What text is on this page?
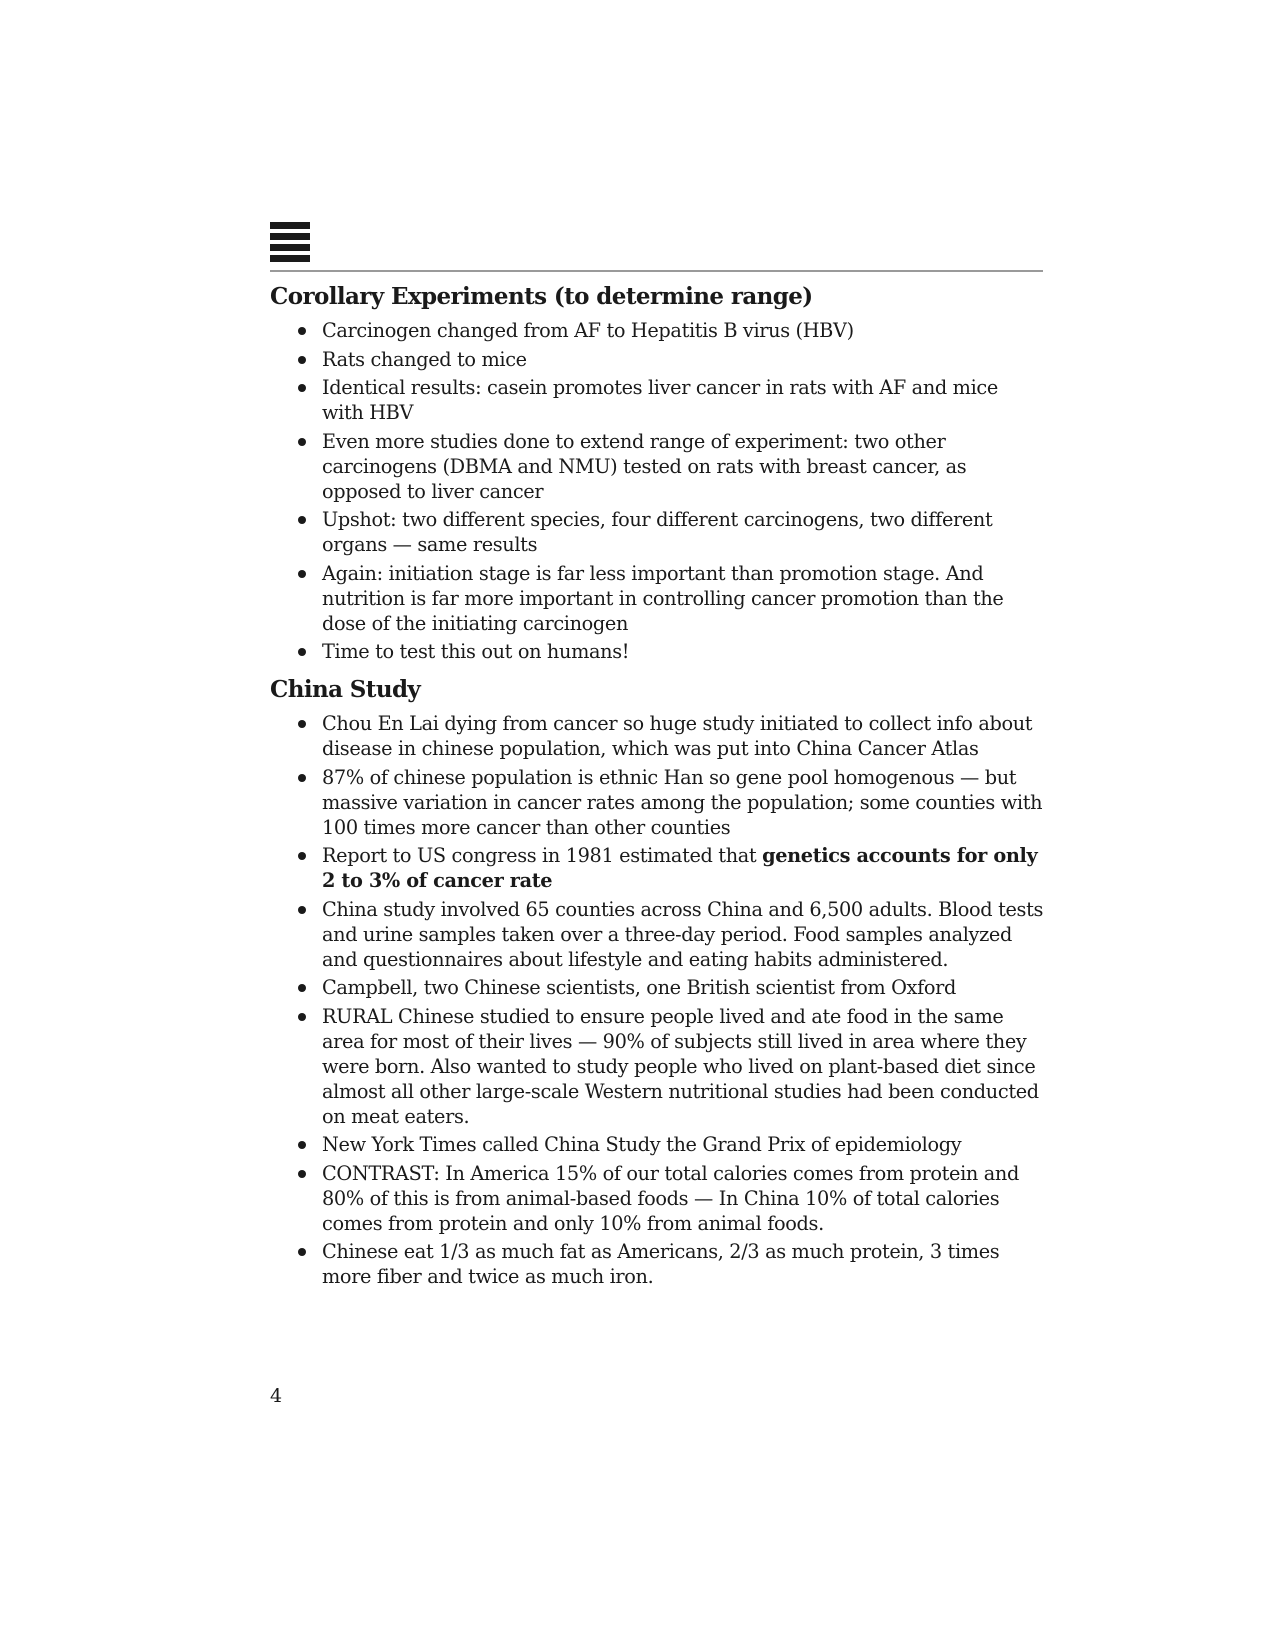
Corollary Experiments (to determine range)
Carcinogen changed from AF to Hepatitis B virus (HBV)
Rats changed to mice
Identical results: casein promotes liver cancer in rats with AF and mice with HBV
Even more studies done to extend range of experiment: two other carcinogens (DBMA and NMU) tested on rats with breast cancer, as opposed to liver cancer
Upshot: two different species, four different carcinogens, two different organs — same results
Again: initiation stage is far less important than promotion stage. And nutrition is far more important in controlling cancer promotion than the dose of the initiating carcinogen
Time to test this out on humans!
China Study
Chou En Lai dying from cancer so huge study initiated to collect info about disease in chinese population, which was put into China Cancer Atlas
87% of chinese population is ethnic Han so gene pool homogenous — but massive variation in cancer rates among the population; some counties with 100 times more cancer than other counties
Report to US congress in 1981 estimated that genetics accounts for only 2 to 3% of cancer rate
China study involved 65 counties across China and 6,500 adults. Blood tests and urine samples taken over a three-day period. Food samples analyzed and questionnaires about lifestyle and eating habits administered.
Campbell, two Chinese scientists, one British scientist from Oxford
RURAL Chinese studied to ensure people lived and ate food in the same area for most of their lives — 90% of subjects still lived in area where they were born. Also wanted to study people who lived on plant-based diet since almost all other large-scale Western nutritional studies had been conducted on meat eaters.
New York Times called China Study the Grand Prix of epidemiology
CONTRAST: In America 15% of our total calories comes from protein and 80% of this is from animal-based foods — In China 10% of total calories comes from protein and only 10% from animal foods.
Chinese eat 1/3 as much fat as Americans, 2/3 as much protein, 3 times more fiber and twice as much iron.
4
